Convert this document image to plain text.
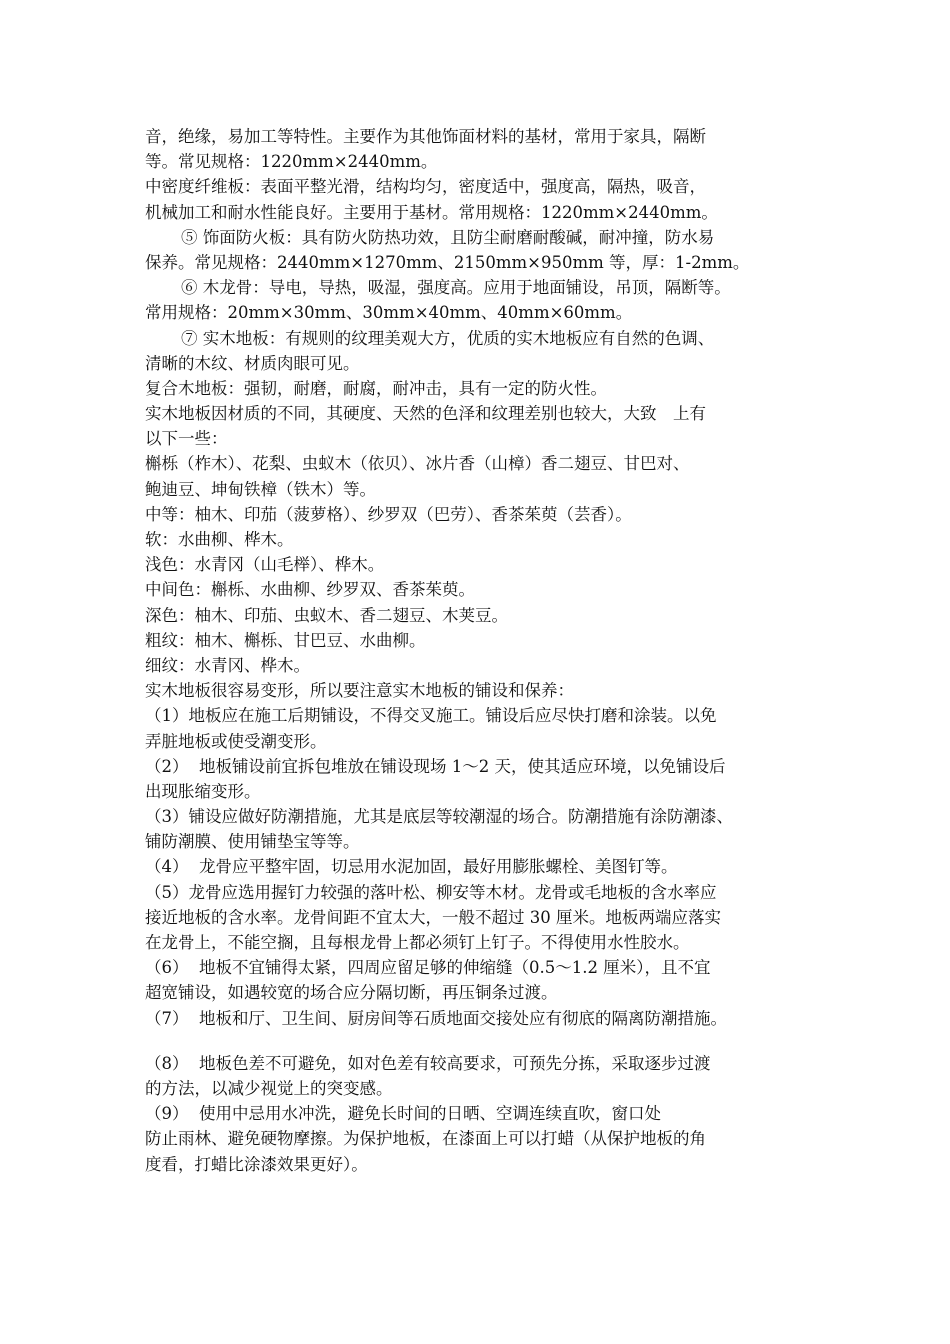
音，绝缘，易加工等特性。主要作为其他饰面材料的基材，常用于家具，隔断
等。常见规格：1220mm×2440mm。
中密度纤维板：表面平整光滑，结构均匀，密度适中，强度高，隔热，吸音，
机械加工和耐水性能良好。主要用于基材。常用规格：1220mm×2440mm。
⑤ 饰面防火板：具有防火防热功效，且防尘耐磨耐酸碱，耐冲撞，防水易
保养。常见规格：2440mm×1270mm、2150mm×950mm 等，厚：1-2mm。
⑥ 木龙骨：导电，导热，吸湿，强度高。应用于地面铺设，吊顶，隔断等。
常用规格：20mm×30mm、30mm×40mm、40mm×60mm。
⑦ 实木地板：有规则的纹理美观大方，优质的实木地板应有自然的色调、
清晰的木纹、材质肉眼可见。
复合木地板：强韧，耐磨，耐腐，耐冲击，具有一定的防火性。
实木地板因材质的不同，其硬度、天然的色泽和纹理差别也较大，大致　上有
以下一些：
槲栎（柞木）、花梨、虫蚁木（依贝）、冰片香（山樟）香二翅豆、甘巴对、
鲍迪豆、坤甸铁樟（铁木）等。
中等：柚木、印茄（菠萝格）、纱罗双（巴劳）、香茶茱萸（芸香）。
软：水曲柳、桦木。
浅色：水青冈（山毛榉）、桦木。
中间色：槲栎、水曲柳、纱罗双、香茶茱萸。
深色：柚木、印茄、虫蚁木、香二翅豆、木荚豆。
粗纹：柚木、槲栎、甘巴豆、水曲柳。
细纹：水青冈、桦木。
实木地板很容易变形，所以要注意实木地板的铺设和保养：
（1）地板应在施工后期铺设，不得交叉施工。铺设后应尽快打磨和涂装。以免
弄脏地板或使受潮变形。
（2）  地板铺设前宜拆包堆放在铺设现场 1～2 天，使其适应环境，以免铺设后
出现胀缩变形。
（3）铺设应做好防潮措施，尤其是底层等较潮湿的场合。防潮措施有涂防潮漆、
铺防潮膜、使用铺垫宝等等。
（4）  龙骨应平整牢固，切忌用水泥加固，最好用膨胀螺栓、美图钉等。
（5）龙骨应选用握钉力较强的落叶松、柳安等木材。龙骨或毛地板的含水率应
接近地板的含水率。龙骨间距不宜太大，一般不超过 30 厘米。地板两端应落实
在龙骨上，不能空搁，且每根龙骨上都必须钉上钉子。不得使用水性胶水。
（6）  地板不宜铺得太紧，四周应留足够的伸缩缝（0.5～1.2 厘米），且不宜
超宽铺设，如遇较宽的场合应分隔切断，再压铜条过渡。
（7）  地板和厅、卫生间、厨房间等石质地面交接处应有彻底的隔离防潮措施。
（8）  地板色差不可避免，如对色差有较高要求，可预先分拣，采取逐步过渡
的方法，以减少视觉上的突变感。
（9）  使用中忌用水冲洗，避免长时间的日晒、空调连续直吹，窗口处
防止雨林、避免硬物摩擦。为保护地板，在漆面上可以打蜡（从保护地板的角
度看，打蜡比涂漆效果更好）。
